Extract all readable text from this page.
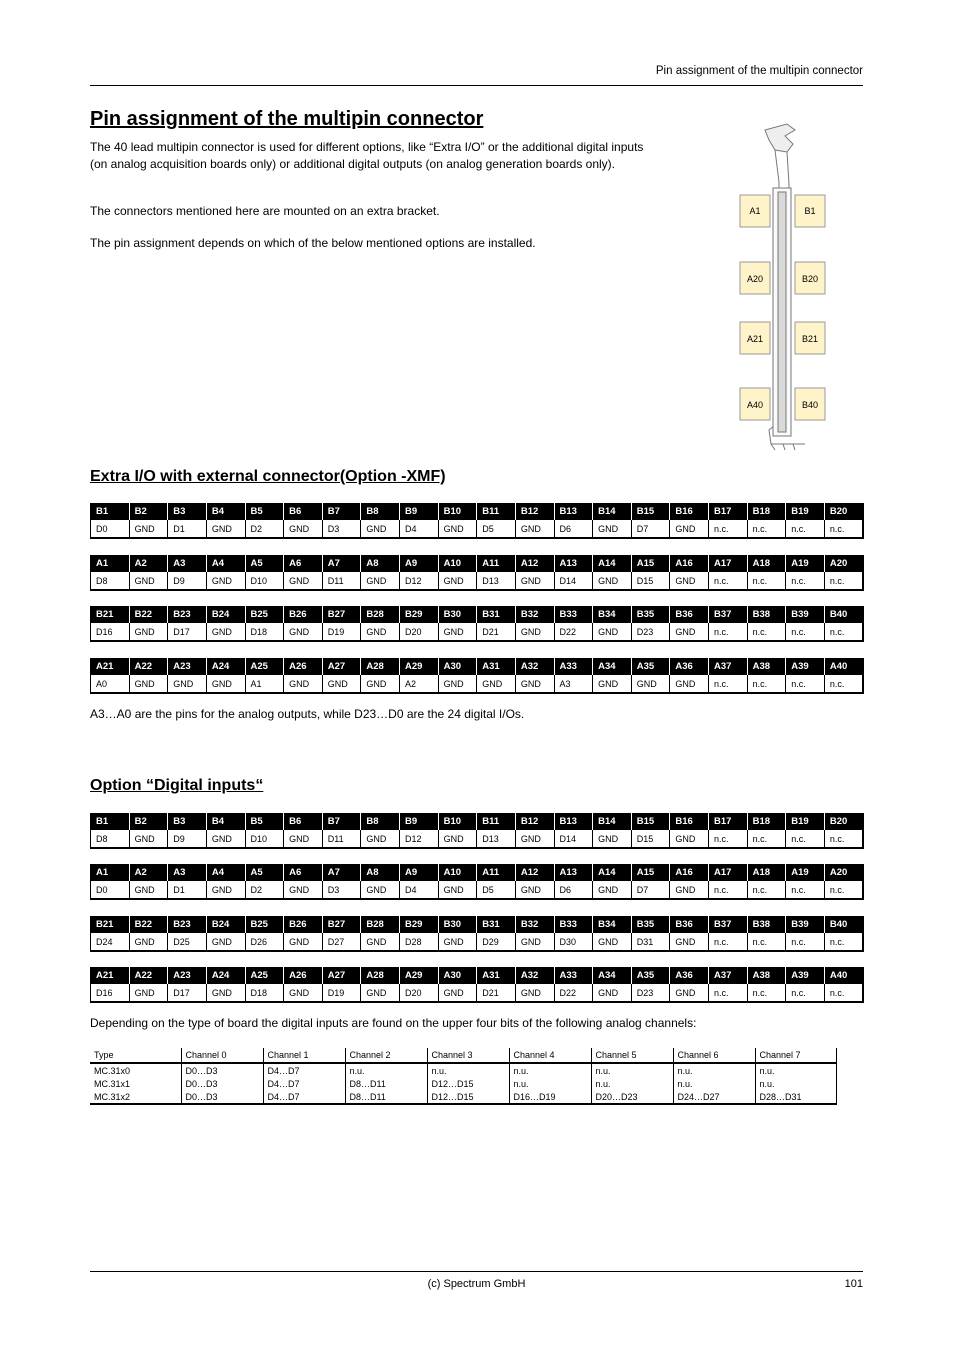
Pin assignment of the multipin connector
Pin assignment of the multipin connector

The 40 lead multipin connector is used for different options, like “Extra I/O” or the additional digital inputs (on analog acquisition boards only) or additional digital outputs (on analog generation boards only).

The connectors mentioned here are mounted on an extra bracket.

The pin assignment depends on which of the below mentioned options are installed.

A1	B1
A20	B20
A21	B21
A40	B40
Extra I/O with external connector(Option -XMF)
B1	B2	B3	B4	B5	B6	B7	B8	B9	B10	B11	B12	B13	B14	B15	B16	B17	B18	B19	B20
D0	GND	D1	GND	D2	GND	D3	GND	D4	GND	D5	GND	D6	GND	D7	GND	n.c.	n.c.	n.c.	n.c.
A1	A2	A3	A4	A5	A6	A7	A8	A9	A10	A11	A12	A13	A14	A15	A16	A17	A18	A19	A20
D8	GND	D9	GND	D10	GND	D11	GND	D12	GND	D13	GND	D14	GND	D15	GND	n.c.	n.c.	n.c.	n.c.
B21	B22	B23	B24	B25	B26	B27	B28	B29	B30	B31	B32	B33	B34	B35	B36	B37	B38	B39	B40
D16	GND	D17	GND	D18	GND	D19	GND	D20	GND	D21	GND	D22	GND	D23	GND	n.c.	n.c.	n.c.	n.c.
A21	A22	A23	A24	A25	A26	A27	A28	A29	A30	A31	A32	A33	A34	A35	A36	A37	A38	A39	A40
A0	GND	GND	GND	A1	GND	GND	GND	A2	GND	GND	GND	A3	GND	GND	GND	n.c.	n.c.	n.c.	n.c.

A3…A0 are the pins for the analog outputs, while D23…D0 are the 24 digital I/Os.

Option “Digital inputs“
B1	B2	B3	B4	B5	B6	B7	B8	B9	B10	B11	B12	B13	B14	B15	B16	B17	B18	B19	B20
D8	GND	D9	GND	D10	GND	D11	GND	D12	GND	D13	GND	D14	GND	D15	GND	n.c.	n.c.	n.c.	n.c.
A1	A2	A3	A4	A5	A6	A7	A8	A9	A10	A11	A12	A13	A14	A15	A16	A17	A18	A19	A20
D0	GND	D1	GND	D2	GND	D3	GND	D4	GND	D5	GND	D6	GND	D7	GND	n.c.	n.c.	n.c.	n.c.
B21	B22	B23	B24	B25	B26	B27	B28	B29	B30	B31	B32	B33	B34	B35	B36	B37	B38	B39	B40
D24	GND	D25	GND	D26	GND	D27	GND	D28	GND	D29	GND	D30	GND	D31	GND	n.c.	n.c.	n.c.	n.c.
A21	A22	A23	A24	A25	A26	A27	A28	A29	A30	A31	A32	A33	A34	A35	A36	A37	A38	A39	A40
D16	GND	D17	GND	D18	GND	D19	GND	D20	GND	D21	GND	D22	GND	D23	GND	n.c.	n.c.	n.c.	n.c.

Depending on the type of board the digital inputs are found on the upper four bits of the following analog channels:

Type	Channel 0	Channel 1	Channel 2	Channel 3	Channel 4	Channel 5	Channel 6	Channel 7
MC.31x0	D0…D3	D4…D7	n.u.	n.u.	n.u.	n.u.	n.u.	n.u.
MC.31x1	D0…D3	D4…D7	D8…D11	D12…D15	n.u.	n.u.	n.u.	n.u.
MC.31x2	D0…D3	D4…D7	D8…D11	D12…D15	D16…D19	D20…D23	D24…D27	D28…D31
(c) Spectrum GmbH	101
